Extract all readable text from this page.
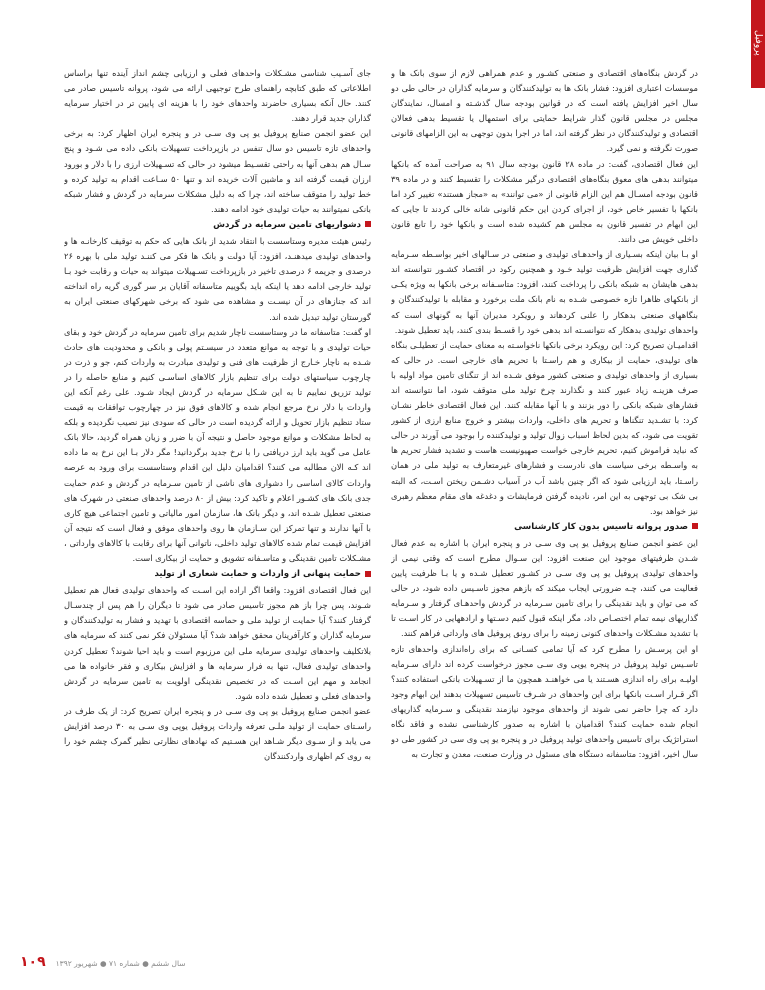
پروفیل

در گردش بنگاه‌های اقتصادی و صنعتی کشـور و عدم همراهی لازم از سوی بانک ها و موسسات اعتباری افزود: فشار بانک ها به تولیدکنندگان و سرمایه گذاران در حالی طی دو سال اخیر افزایش یافته است که در قوانین بودجه سال گذشـته و امسال، نمایندگان مجلس در مجلس قانون گذار شرایط حمایتی برای استمهال یا تقسیط بدهی فعالان اقتصادی و تولیدکنندگان در نظر گرفته اند، اما در اجرا بدون توجهی به این الزامهای قانونی صورت نگرفته و نمی گیرد.

این فعال اقتصادی، گفت: در ماده ۲۸ قانون بودجه سال ۹۱ به صراحت آمده که بانکها میتوانند بدهی های معوق بنگاه‌های اقتصادی درگیر مشکلات را تقسیط کنند و در ماده ۳۹ قانون بودجه امسـال هم این الزام قانونی از «می توانند» به «مجاز هستند» تغییر کرد اما بانکها با تفسیر خاص خود، از اجرای کردن این حکم قانونی شانه خالی کردند تا جایی که این ابهام در تفسیر قانون به مجلس هم کشیده شده است و بانکها خود را تابع قانون داخلی خویش می دانند.

او بـا بیان اینکه بسـیاری از واحدهـای تولیدی و صنعتی در سـالهای اخیر بواسـطه سـرمایه گذاری جهت افزایش ظرفیت تولید خـود و همچنین رکود در اقتصاد کشـور نتوانسته اند بدهی هایشان به شبکه بانکی را پرداخت کنند، افزود: متاسـفانه برخی بانکها به ویژه یکـی از بانکهای ظاهرا تازه خصوصی شـده به نام بانک ملت برخورد و مقابله با تولیدکنندگان و بنگاههای صنعتی بدهکار را علنی کردهاند و رویکرد مدیران آنها به گونهای است که واحدهای تولیدی بدهکار که نتوانسـته اند بدهی خود را قسـط بندی کنند، باید تعطیل شوند.

اقدامیـان تصریح کرد: این رویکرد برخی بانکها ناخواسـته به معنای حمایت از تعطیلـی بنگاه های تولیدی، حمایت از بیکاری و هم راسـتا با تحریم های خارجی است. در حالی که بسیاری از واحدهای تولیدی و صنعتی کشور موفق شـده اند از تنگنای تامین مواد اولیه با صرف هزینـه زیاد عبور کنند و نگذارند چرخ تولید ملی متوقف شود، اما نتوانسته اند فشارهای شبکه بانکی را دور بزنند و با آنها مقابله کنند. این فعال اقتصادی خاطر نشـان کرد: با تشـدید تنگناها و تحریم های داخلی، واردات بیشتر و خروج منابع ارزی از کشور تقویت می شود، که بدین لحاظ اسباب زوال تولید و تولیدکننده را بوجود می آورند در حالی که نباید فراموش کنیم، تحریم خارجی خواست صهیونیست هاست و تشدید فشار تحریم ها به واسـطه برخی سیاست های نادرست و فشارهای غیرمتعارف به تولید ملی در همان راسـتا، باید ارزیابی شود که اگر چنین باشد آب در آسیاب دشـمن ریختن اسـت، که البته بی شک بی توجهی به این امر، نادیده گرفتن فرمایشات و دغدغه های مقام معظم رهبری نیز خواهد بود.

صدور پروانه تاسیس بدون کار کارشناسی

این عضو انجمن صنایع پروفیل یو پی وی سـی در و پنجره ایران با اشاره به عدم فعال شـدن ظرفیتهای موجود این صنعت افزود: این سـوال مطرح است که وقتی نیمی از واحدهای تولیدی پروفیل یو پی وی سـی در کشـور تعطیل شـده و یا بـا ظرفیت پایین فعالیت می کنند، چـه ضرورتی ایجاب میکند که بازهم مجوز تاسـیس داده شود، در حالی که می توان و باید نقدینگی را برای تامین سـرمایه در گردش واحدهـای گرفتار و سـرمایه گذاریهای نیمه تمام اختصـاص داد، مگر اینکه قبول کنیم دسـتها و ارادههایی در کار اسـت تا با تشدید مشـکلات واحدهای کنونی زمینه را برای رونق پروفیل های وارداتی فراهم کنند.

او این پرسـش را مطرح کرد که آیا تمامی کسـانی که برای راه‌اندازی واحدهای تازه تاسـیس تولید پروفیل در پنجره یویی وی سـی مجوز درخواست کرده اند دارای سـرمایه اولیـه برای راه اندازی هسـتند یا می خواهنـد همچون ما از تسـهیلات بانکی استفاده کنند؟ اگر قـرار اسـت بانکها برای این واحدهای در شـرف تاسیس تسهیلات بدهند این ابهام وجود دارد که چرا حاضر نمی شوند از واحدهای موجود نیازمند نقدینگی و سـرمایه گذاریهای انجام شده حمایت کنند؟ اقدامیان با اشاره به صدور کارشناسی نشده و فاقد نگاه استراتژیک برای تاسیس واحدهای تولید پروفیل در و پنجره یو پی وی سی در کشور طی دو سال اخیر، افزود: متاسفانه دستگاه های مسئول در وزارت صنعت، معدن و تجارت به

جای آسـیب شناسی مشـکلات واحدهای فعلی و ارزیابی چشم انداز آینده تنها براساس اطلاعاتی که طبق کتابچه راهنمای طرح توجیهی ارائه می شود، پروانه تاسیس صادر می کنند. حال آنکه بسیاری حاضرند واحدهای خود را با هزینه ای پایین تر در اختیار سرمایه گذاران جدید قرار دهند.

این عضو انجمن صنایع پروفیل یو پی وی سـی در و پنجره ایران اظهار کرد: به برخی واحدهای تازه تاسیس دو سال تنفس در بازپرداخت تسهیلات بانکی داده می شـود و پنج سـال هم بدهی آنها به راحتی تقسـیط میشود در حالی که تسـهیلات ارزی را با دلار و بورود ارزان قیمت گرفته اند و ماشین آلات خریده اند و تنها ۵۰ سـاعت اقدام به تولید کرده و خط تولید را متوقف ساخته اند، چرا که به دلیل مشکلات سرمایه در گردش و فشار شبکه بانکی نمیتوانند به حیات تولیدی خود ادامه دهند.

دشواریهای تامین سرمایه در گردش

رئیس هیئت مدیره وستاسست با انتقاد شدید از بانک هایی که حکم به توقیف کارخانـه ها و واحدهای تولیدی میدهنـد، افزود: آیا دولت و بانک ها فکر می کننـد تولید ملی با بهره ۲۶ درصدی و جریمه ۶ درصدی تاخیر در بازپرداخت تسـهیلات میتواند به حیات و رقابت خود بـا تولید خارجی ادامه دهد یا اینکه باید بگوییم متاسفانه آقایان بر سر گوری گریه راه انداخته اند که جنازهای در آن نیسـت و مشاهده می شود که برخی شهرکهای صنعتی ایران به گورستان تولید تبدیل شده اند.

او گفت: متاسفانه ما در وستاسست ناچار شدیم برای تامین سرمایه در گردش خود و بقای حیات تولیدی و با توجه به موانع متعدد در سیسـتم پولی و بانکی و محدودیت های حادث شـده به ناچار خـارج از ظرفیت های فنی و تولیدی مبادرت به واردات کنم، جو و ذرت در چارچوب سیاستهای دولت برای تنظیم بازار کالاهای اساسـی کنیم و منابع حاصله را در تولید تزریق نماییم تا به این شـکل سرمایه در گردش ایجاد شـود. علی رغم آنکه این واردات با دلار نرخ مرجع انجام شده و کالاهای فوق نیز در چهارچوب توافقات به قیمت ستاد تنظیم بازار تحویل و ارائه گردیده است در حالی که سودی نیز نصیب نگردیده و بلکه به لحاظ مشکلات و موانع موجود حاصل و نتیجه آن با ضرر و زیان همراه گردید، حالا بانک عامل می گوید باید ارز دریافتی را با نرخ جدید برگردانید! مگر دلار بـا این نرخ به ما داده اند کـه الان مطالبه می کنند؟ اقدامیان دلیل این اقدام وستاسست برای ورود به عرصه واردات کالای اساسی را دشواری های ناشی از تامین سـرمایه در گردش و عدم حمایت جدی بانک های کشـور اعلام و تاکید کرد: بیش از ۸۰ درصد واحدهای صنعتی در شهرک های صنعتی تعطیل شـده اند، و دیگر بانک ها، سازمان امور مالیاتی و تامین اجتماعی هیچ کاری با آنها ندارند و تنها تمرکز این سـازمان ها روی واحدهای موفق و فعال است که نتیجه آن افزایش قیمت تمام شده کالاهای تولید داخلی، ناتوانی آنها برای رقابت با کالاهای وارداتی ، مشـکلات تامین نقدینگی و متاسـفانه تشویق و حمایت از بیکاری است.

حمایت پنهانی از واردات و حمایت شعاری از تولید

این فعال اقتصادی افزود: واقعا اگر اراده این اسـت که واحدهای تولیدی فعال هم تعطیل شـوند، پس چرا باز هم مجوز تاسیس صادر می شود تا دیگران را هم پس از چندسـال گرفتار کنند؟ آیا حمایت از تولید ملی و حماسه اقتصادی با تهدید و فشار به تولیدکنندگان و سرمایه گذاران و کارآفرینان محقق خواهد شد؟ آیا مسئولان فکر نمی کنند که سرمایه های بلاتکلیف واحدهای تولیدی سرمایه ملی این مرزبوم است و باید احیا شوند؟ تعطیل کردن واحدهای تولیدی فعال، تنها به فرار سرمایه ها و افزایش بیکاری و فقر خانواده ها می انجامد و مهم این اسـت که در تخصیص نقدینگی اولویت به تامین سرمایه در گردش واحدهای فعلی و تعطیل شده داده شود.

عضو انجمن صنایع پروفیل یو پی وی سـی در و پنجره ایران تصریح کرد: از یک طرف در راسـتای حمایت از تولید ملـی تعرفه واردات پروفیل یوپی وی سـی به ۳۰ درصد افزایش می یابد و از سـوی دیگر شـاهد این هسـتیم که نهادهای نظارتی نظیر گمرک چشم خود را به روی کم اظهاری واردکنندگان

۱۰۹ سال ششم ● شماره ۷۱ ● شهریور ۱۳۹۲
